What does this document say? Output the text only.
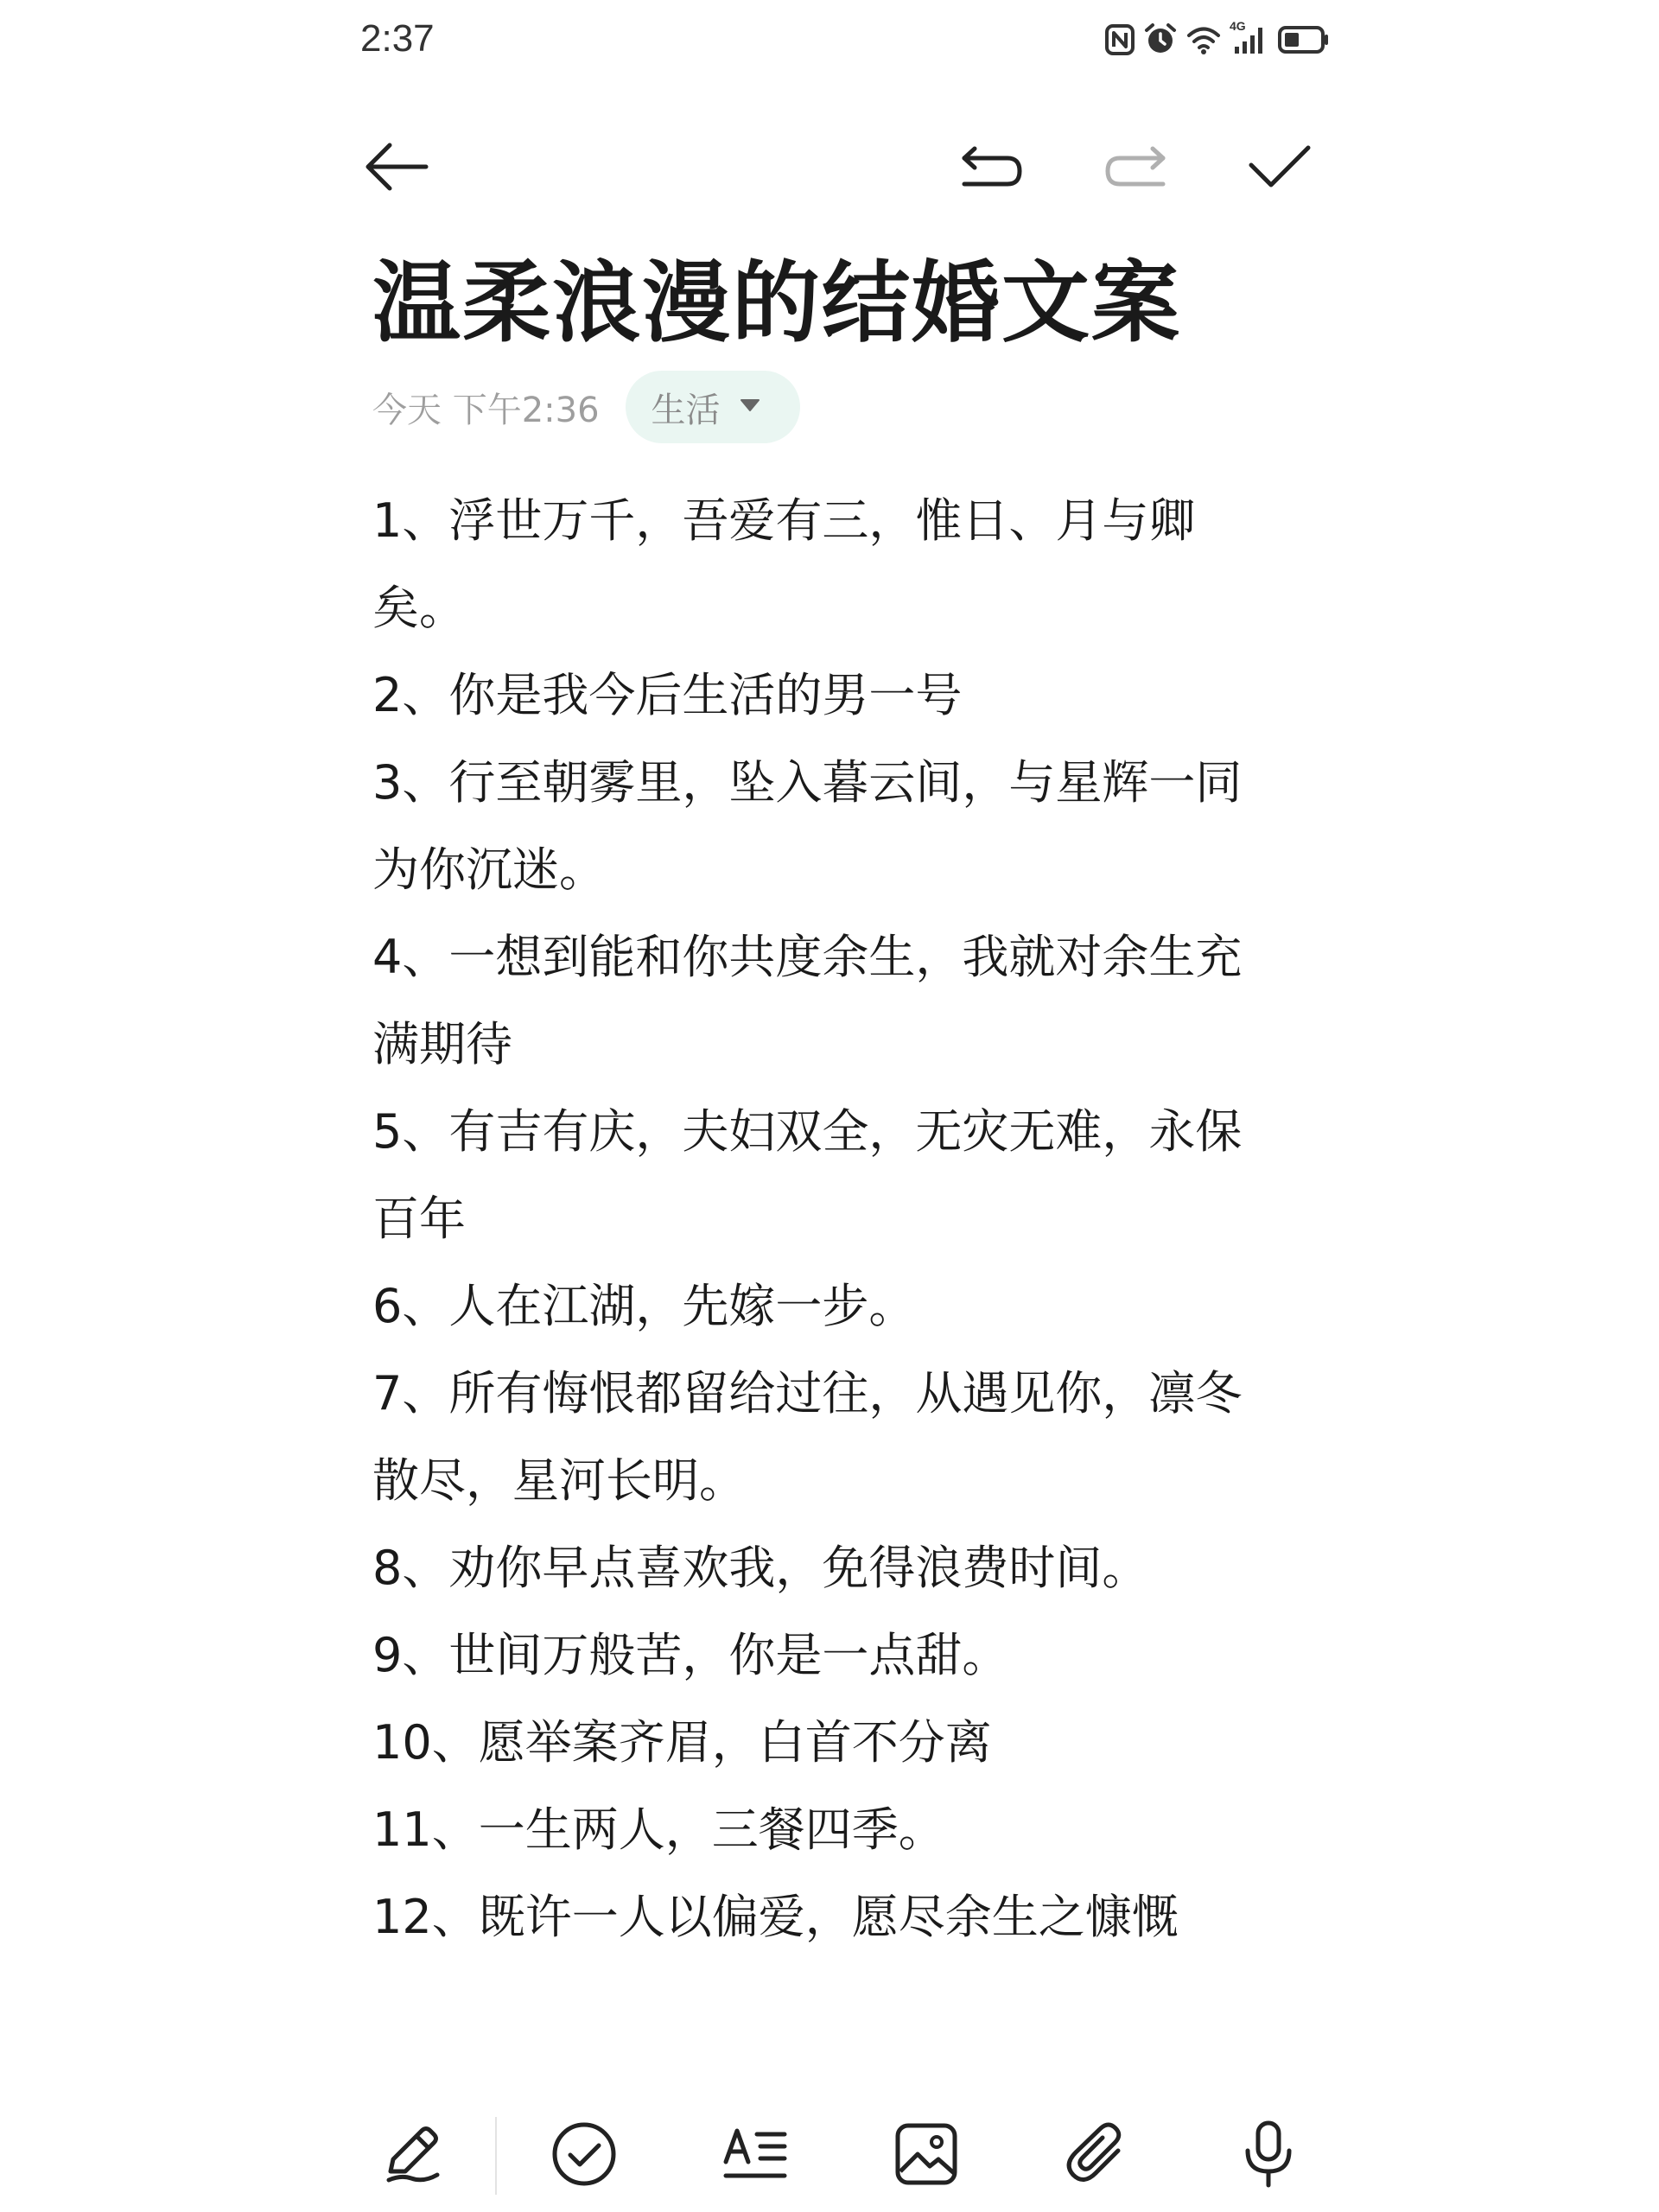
2:37	4G
温柔浪漫的结婚文案
今天 下午2:36 生活

1、浮世万千，吾爱有三，惟日、月与卿矣。

2、你是我今后生活的男一号

3、行至朝雾里，坠入暮云间，与星辉一同为你沉迷。

4、一想到能和你共度余生，我就对余生充满期待

5、有吉有庆，夫妇双全，无灾无难，永保百年

6、人在江湖，先嫁一步。

7、所有悔恨都留给过往，从遇见你，凛冬散尽，星河长明。

8、劝你早点喜欢我，免得浪费时间。

9、世间万般苦，你是一点甜。

10、愿举案齐眉，白首不分离

11、一生两人，三餐四季。

12、既许一人以偏爱，愿尽余生之慷慨
